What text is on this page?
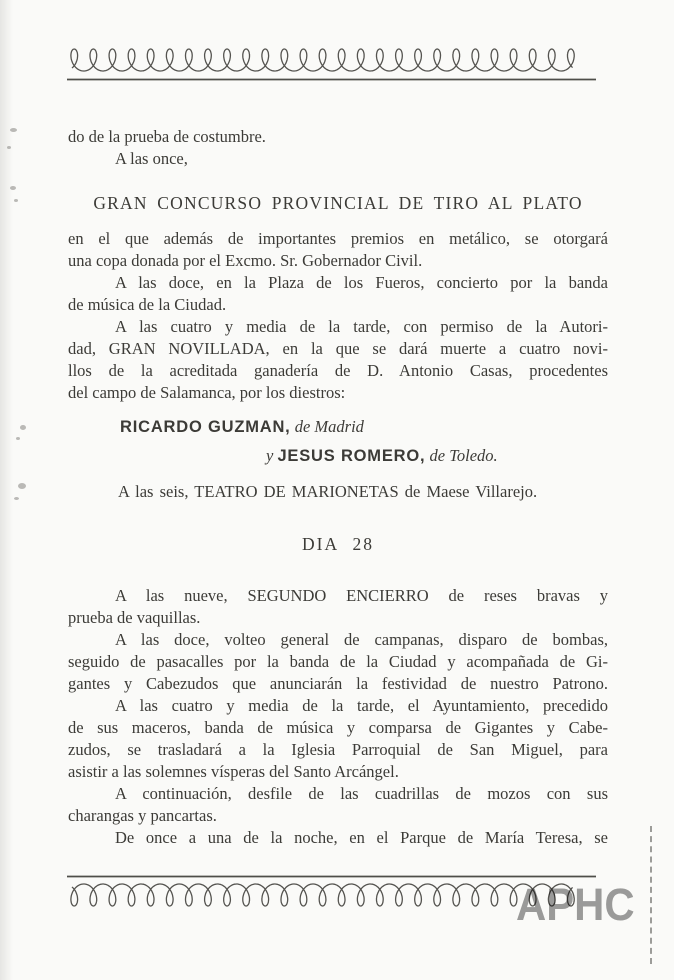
do de la prueba de costumbre.
A las once,
GRAN CONCURSO PROVINCIAL DE TIRO AL PLATO
en el que además de importantes premios en metálico, se otorgará
una copa donada por el Excmo. Sr. Gobernador Civil.
A las doce, en la Plaza de los Fueros, concierto por la banda
de música de la Ciudad.
A las cuatro y media de la tarde, con permiso de la Autori-
dad, GRAN NOVILLADA, en la que se dará muerte a cuatro novi-
llos de la acreditada ganadería de D. Antonio Casas, procedentes
del campo de Salamanca, por los diestros:
RICARDO GUZMAN, de Madrid
y JESUS ROMERO, de Toledo.
A las seis, TEATRO DE MARIONETAS de Maese Villarejo.
DIA 28
A las nueve, SEGUNDO ENCIERRO de reses bravas y
prueba de vaquillas.
A las doce, volteo general de campanas, disparo de bombas,
seguido de pasacalles por la banda de la Ciudad y acompañada de Gi-
gantes y Cabezudos que anunciarán la festividad de nuestro Patrono.
A las cuatro y media de la tarde, el Ayuntamiento, precedido
de sus maceros, banda de música y comparsa de Gigantes y Cabe-
zudos, se trasladará a la Iglesia Parroquial de San Miguel, para
asistir a las solemnes vísperas del Santo Arcángel.
A continuación, desfile de las cuadrillas de mozos con sus
charangas y pancartas.
De once a una de la noche, en el Parque de María Teresa, se
APHC
